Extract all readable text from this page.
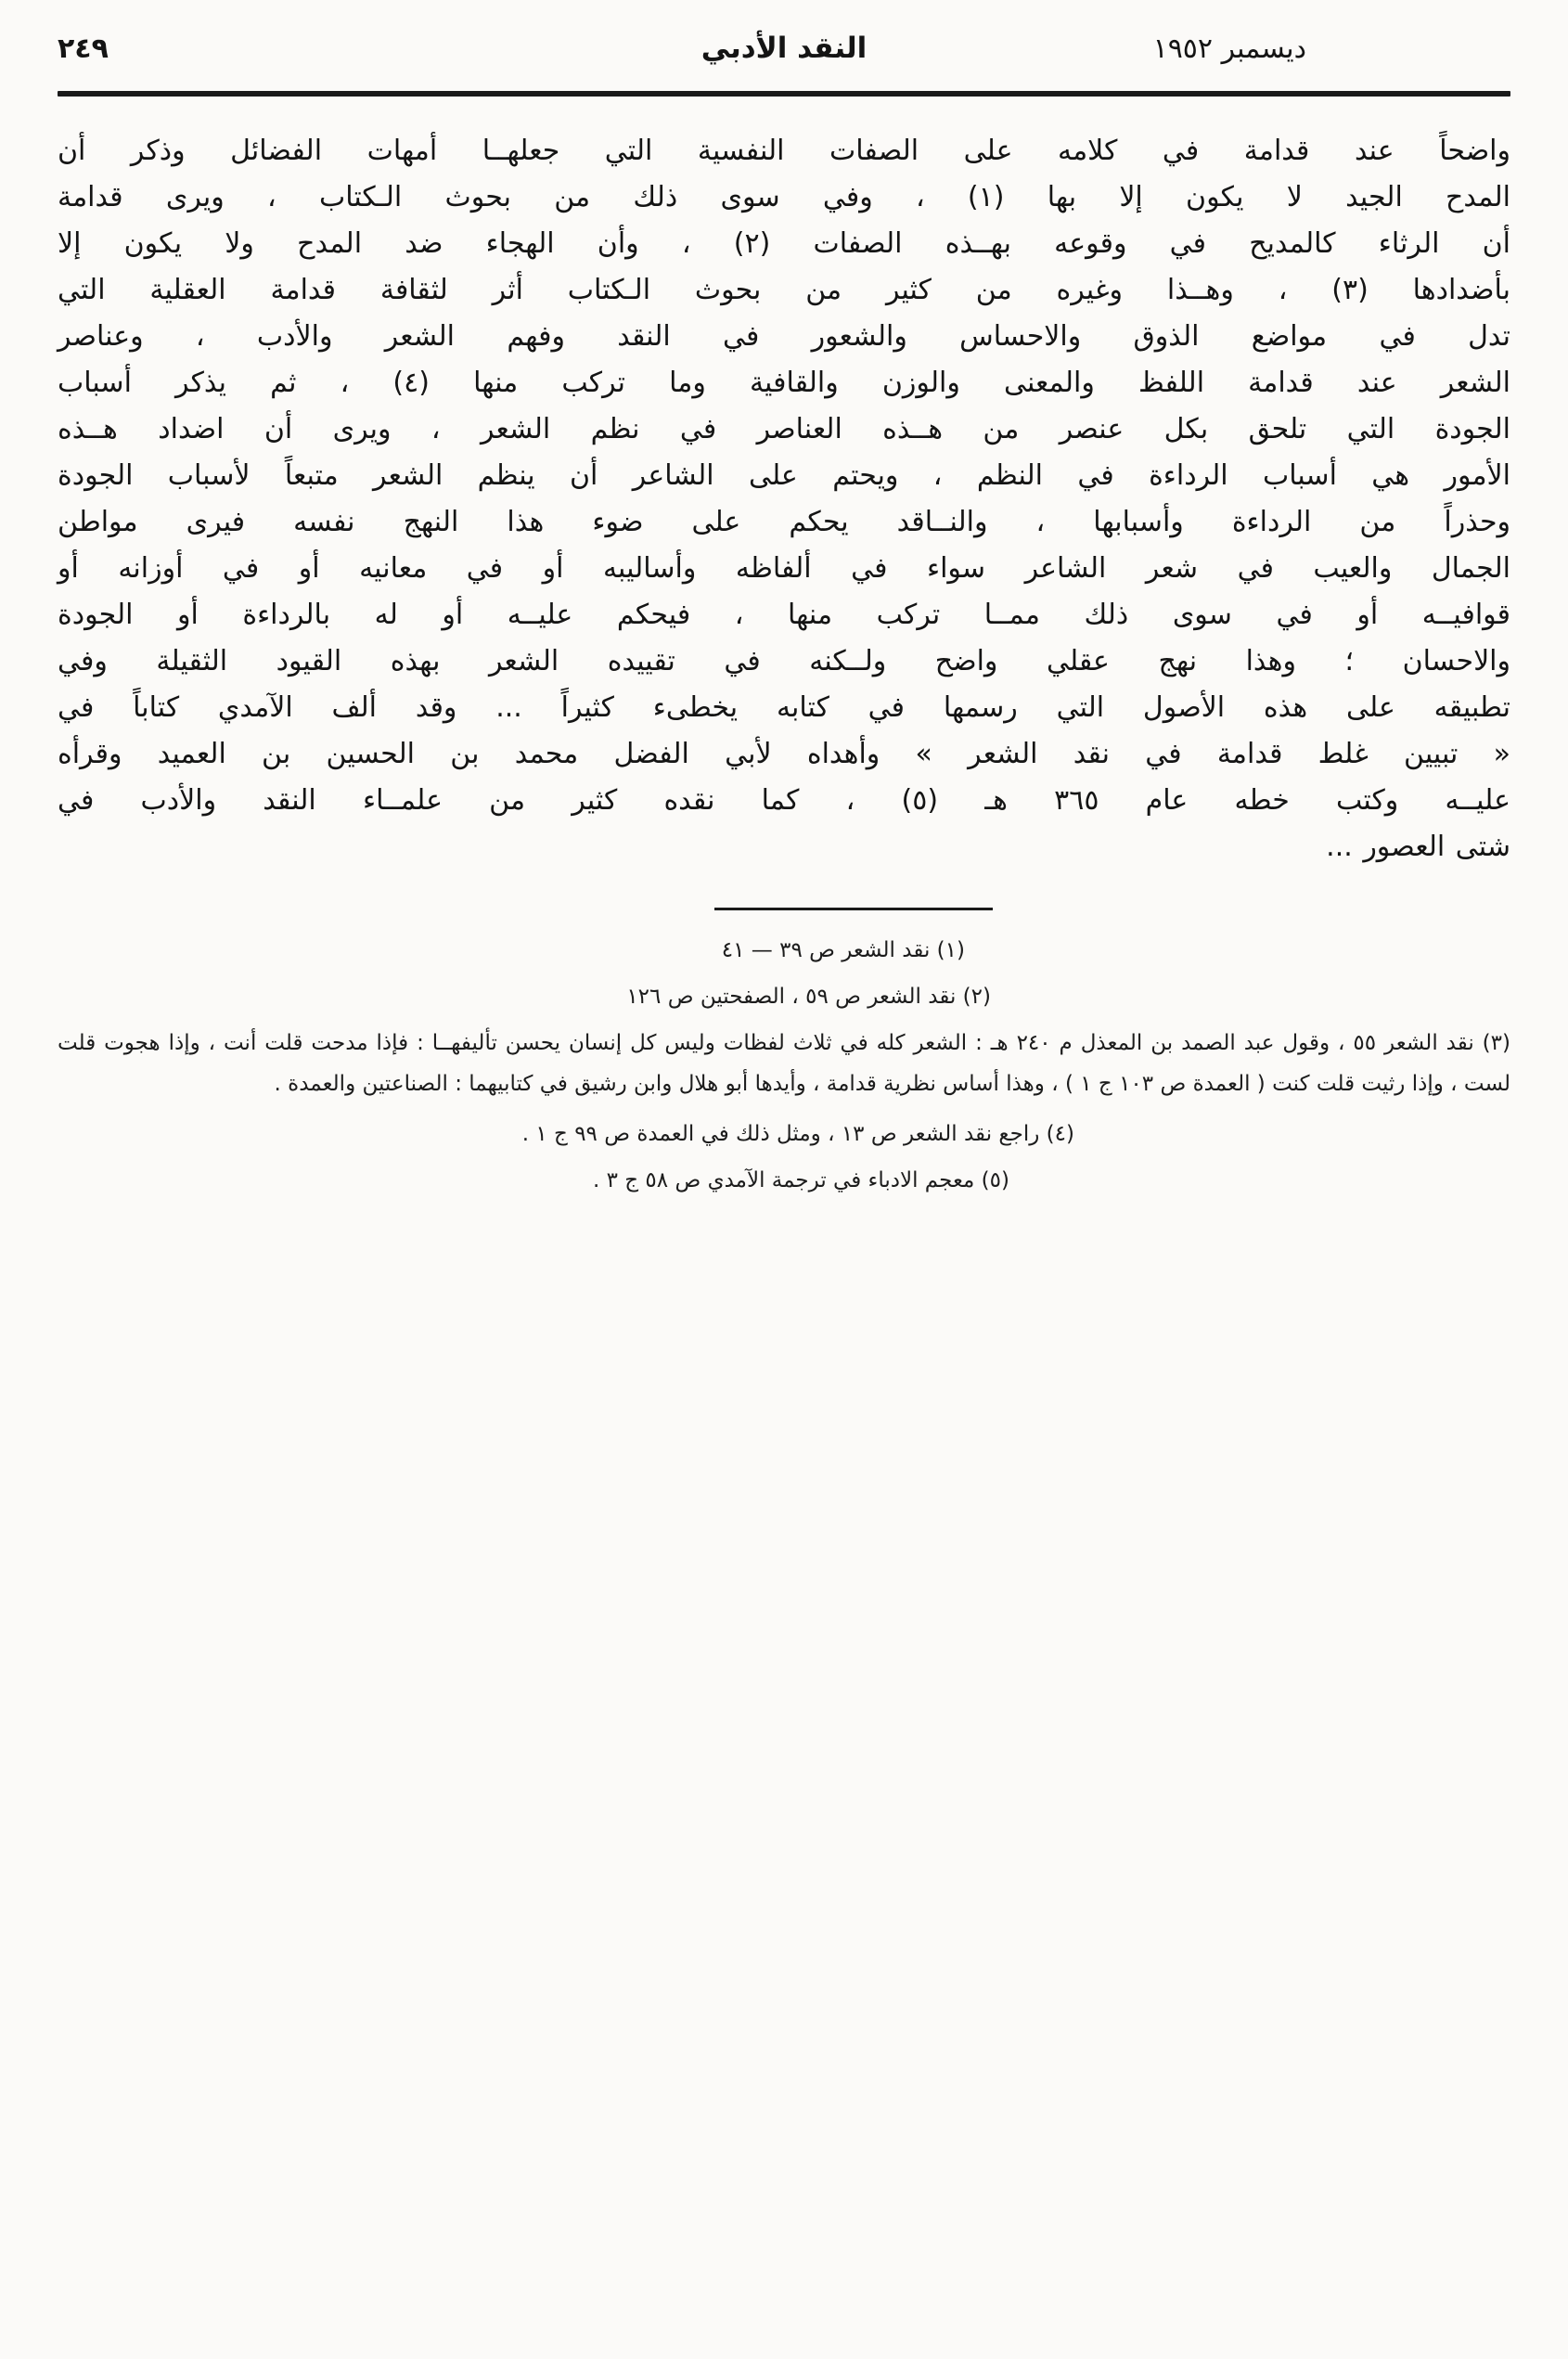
ديسمبر ١٩٥٢
النقد الأدبي
٢٤٩
واضحاً عند قدامة في كلامه على الصفات النفسية التي جعلهــا أمهات الفضائل وذكر أن
المدح الجيد لا يكون إلا بها (١) ، وفي سوى ذلك من بحوث الـكتاب ، ويرى قدامة
أن الرثاء كالمديح في وقوعه بهــذه الصفات (٢) ، وأن الهجاء ضد المدح ولا يكون إلا
بأضدادها (٣) ، وهــذا وغيره من كثير من بحوث الـكتاب أثر لثقافة قدامة العقلية التي
تدل في مواضع الذوق والاحساس والشعور في النقد وفهم الشعر والأدب ، وعناصر
الشعر عند قدامة اللفظ والمعنى والوزن والقافية وما تركب منها (٤) ، ثم يذكر أسباب
الجودة التي تلحق بكل عنصر من هــذه العناصر في نظم الشعر ، ويرى أن اضداد هــذه
الأمور هي أسباب الرداءة في النظم ، ويحتم على الشاعر أن ينظم الشعر متبعاً لأسباب الجودة
وحذراً من الرداءة وأسبابها ، والنــاقد يحكم على ضوء هذا النهج نفسه فيرى مواطن
الجمال والعيب في شعر الشاعر سواء في ألفاظه وأساليبه أو في معانيه أو في أوزانه أو
قوافيــه أو في سوى ذلك ممــا تركب منها ، فيحكم عليــه أو له بالرداءة أو الجودة
والاحسان ؛ وهذا نهج عقلي واضح ولــكنه في تقييده الشعر بهذه القيود الثقيلة وفي
تطبيقه على هذه الأصول التي رسمها في كتابه يخطىء كثيراً ... وقد ألف الآمدي كتاباً في
« تبيين غلط قدامة في نقد الشعر » وأهداه لأبي الفضل محمد بن الحسين بن العميد وقرأه
عليــه وكتب خطه عام ٣٦٥ هـ (٥) ، كما نقده كثير من علمــاء النقد والأدب في
شتى العصور ...
(١) نقد الشعر ص ٣٩ — ٤١
(٢) نقد الشعر ص ٥٩ ، الصفحتين ص ١٢٦
(٣) نقد الشعر ٥٥ ، وقول عبد الصمد بن المعذل م ٢٤٠ هـ : الشعر كله في ثلاث لفظات وليس كل إنسان يحسن تأليفهــا : فإذا مدحت قلت أنت ، وإذا هجوت قلت لست ، وإذا رثيت قلت كنت ( العمدة ص ١٠٣ ج ١ ) ، وهذا أساس نظرية قدامة ، وأيدها أبو هلال وابن رشيق في كتابيهما : الصناعتين والعمدة .
(٤) راجع نقد الشعر ص ١٣ ، ومثل ذلك في العمدة ص ٩٩ ج ١ .
(٥) معجم الادباء في ترجمة الآمدي ص ٥٨ ج ٣ .
